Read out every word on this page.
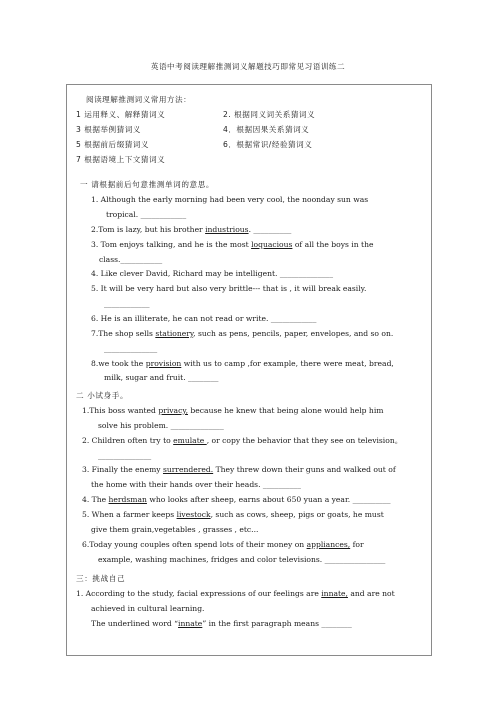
英语中考阅读理解推测词义解题技巧即常见习语训练二
阅读理解推测词义常用方法：
1 运用释义、解释猜词义	2. 根据同义词关系猜词义
3 根据举例猜词义	4．根据因果关系猜词义
5 根据前后缀猜词义	6．根据常识/经验猜词义
7 根据语境上下文猜词义
一 请根据前后句意推测单词的意思。
1. Although the early morning had been very cool, the noonday sun was
tropical. ____________
2.Tom is lazy, but his brother industrious. __________
3. Tom enjoys talking, and he is the most loquacious of all the boys in the
class.___________
4. Like clever David, Richard may be intelligent. ______________
5. It will be very hard but also very brittle--- that is , it will break easily.
____________
6. He is an illiterate, he can not read or write. ____________
7.The shop sells stationery, such as pens, pencils, paper, envelopes, and so on.
______________
8.we took the provision with us to camp ,for example, there were meat, bread,
milk, sugar and fruit. ________
二 小试身手。
1.This boss wanted privacy, because he knew that being alone would help him
solve his problem. ______________
2. Children often try to emulate , or copy the behavior that they see on television。
______________
3. Finally the enemy surrendered. They threw down their guns and walked out of
the home with their hands over their heads. __________
4. The herdsman who looks after sheep, earns about 650 yuan a year. __________
5. When a farmer keeps livestock, such as cows, sheep, pigs or goats, he must
give them grain,vegetables , grasses , etc...
6.Today young couples often spend lots of their money on appliances, for
example, washing machines, fridges and color televisions. ________________
三：挑战自己
1. According to the study, facial expressions of our feelings are innate, and are not
achieved in cultural learning.
The underlined word “innate” in the first paragraph means ________
